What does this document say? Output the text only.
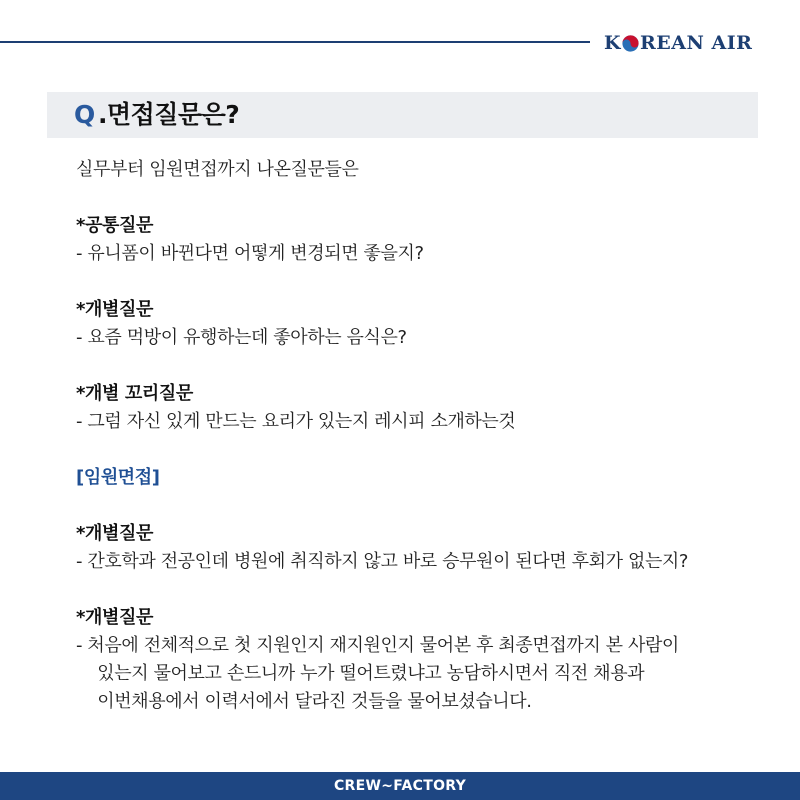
K REAN AIR
Q .면접질문은?
실무부터 임원면접까지 나온질문들은
*공통질문
- 유니폼이 바뀐다면 어떻게 변경되면 좋을지?
*개별질문
- 요즘 먹방이 유행하는데 좋아하는 음식은?
*개별 꼬리질문
- 그럼 자신 있게 만드는 요리가 있는지 레시피 소개하는것
[임원면접]
*개별질문
- 간호학과 전공인데 병원에 취직하지 않고 바로 승무원이 된다면 후회가 없는지?
*개별질문
- 처음에 전체적으로 첫 지원인지 재지원인지 물어본 후 최종면접까지 본 사람이
있는지 물어보고 손드니까 누가 떨어트렸냐고 농담하시면서 직전 채용과
이번채용에서 이력서에서 달라진 것들을 물어보셨습니다.
CREW~FACTORY
